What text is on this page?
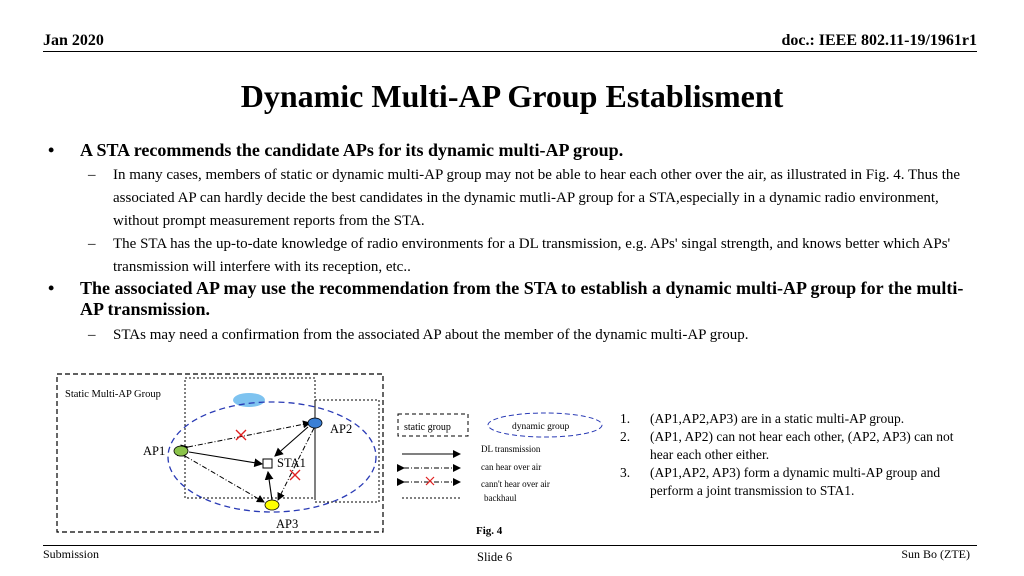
Jan 2020	doc.: IEEE 802.11-19/1961r1
Dynamic Multi-AP Group Establisment
• A STA recommends the candidate APs for its dynamic multi-AP group.
– In many cases, members of static or dynamic multi-AP group may not be able to hear each other over the air, as illustrated in Fig. 4. Thus the associated AP can hardly decide the best candidates in the dynamic mutli-AP group for a STA,especially in a dynamic radio environment, without prompt measurement reports from the STA.
– The STA has the up-to-date knowledge of radio environments for a DL transmission, e.g. APs' singal strength, and knows better which APs' transmission will interfere with its reception, etc..
• The associated AP may use the recommendation from the STA to establish a dynamic multi-AP group for the multi-AP transmission.
– STAs may need a confirmation from the associated AP about the member of the dynamic multi-AP group.
Static Multi-AP Group
AP1
AP2
AP3
STA1
static group	dynamic group
DL transmission
can hear over air
cann't hear over air
backhaul
Fig. 4
1. (AP1,AP2,AP3) are in a static multi-AP group.
2. (AP1, AP2) can not hear each other, (AP2, AP3) can not hear each other either.
3. (AP1,AP2, AP3) form a dynamic multi-AP group and perform a joint transmission to STA1.
Submission	Slide 6	Sun Bo (ZTE)
